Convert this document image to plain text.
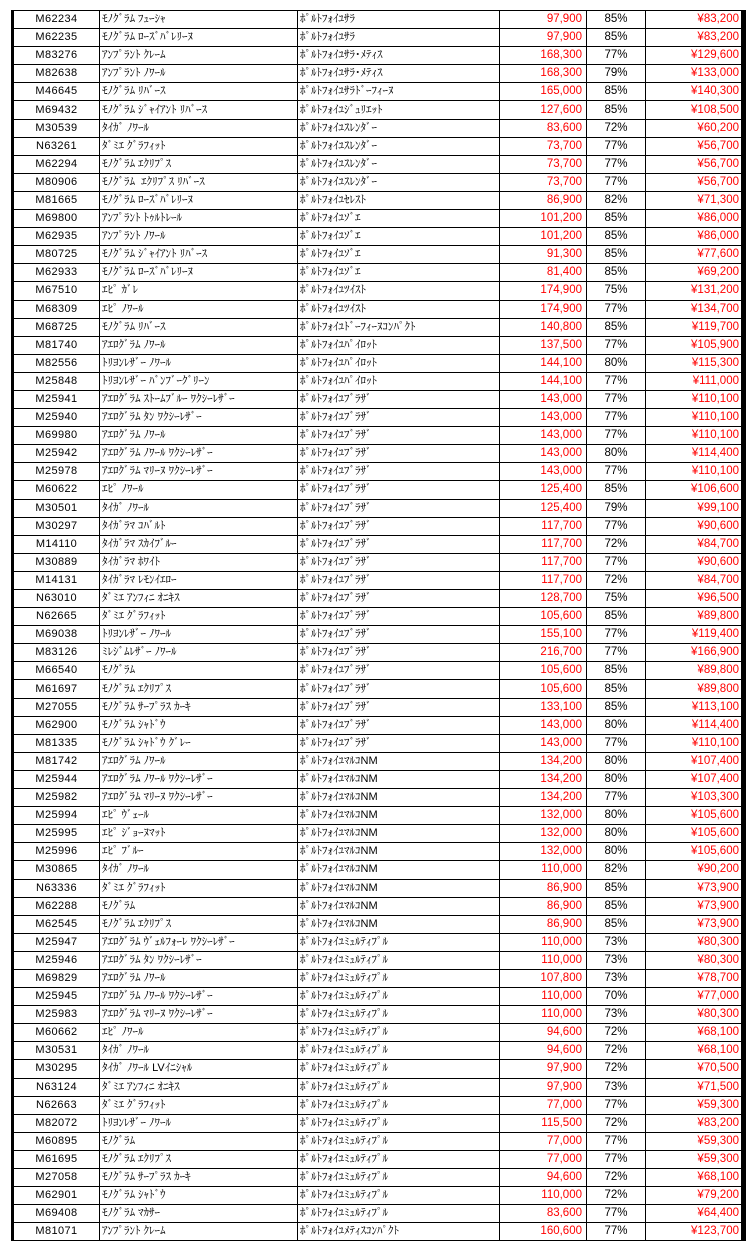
M62234	ﾓﾉｸﾞﾗﾑ ﾌｭｰｼｬ	ﾎﾟﾙﾄﾌｫｲﾕｻﾗ	97,900	85%	¥83,200
M62235	ﾓﾉｸﾞﾗﾑ ﾛｰｽﾞﾊﾞﾚﾘｰﾇ	ﾎﾟﾙﾄﾌｫｲﾕｻﾗ	97,900	85%	¥83,200
M83276	ｱﾝﾌﾟﾗﾝﾄ ｸﾚｰﾑ	ﾎﾟﾙﾄﾌｫｲﾕｻﾗ･ﾒﾃｨｽ	168,300	77%	¥129,600
M82638	ｱﾝﾌﾟﾗﾝﾄ ﾉﾜｰﾙ	ﾎﾟﾙﾄﾌｫｲﾕｻﾗ･ﾒﾃｨｽ	168,300	79%	¥133,000
M46645	ﾓﾉｸﾞﾗﾑ ﾘﾊﾞｰｽ	ﾎﾟﾙﾄﾌｫｲﾕｻﾗﾄﾞｰﾌｨｰﾇ	165,000	85%	¥140,300
M69432	ﾓﾉｸﾞﾗﾑ ｼﾞｬｲｱﾝﾄ ﾘﾊﾞｰｽ	ﾎﾟﾙﾄﾌｫｲﾕｼﾞｭﾘｴｯﾄ	127,600	85%	¥108,500
M30539	ﾀｲｶﾞ ﾉﾜｰﾙ	ﾎﾟﾙﾄﾌｫｲﾕｽﾚﾝﾀﾞｰ	83,600	72%	¥60,200
N63261	ﾀﾞﾐｴ ｸﾞﾗﾌｨｯﾄ	ﾎﾟﾙﾄﾌｫｲﾕｽﾚﾝﾀﾞｰ	73,700	77%	¥56,700
M62294	ﾓﾉｸﾞﾗﾑ ｴｸﾘﾌﾟｽ	ﾎﾟﾙﾄﾌｫｲﾕｽﾚﾝﾀﾞｰ	73,700	77%	¥56,700
M80906	ﾓﾉｸﾞﾗﾑ  ｴｸﾘﾌﾟｽ ﾘﾊﾞｰｽ	ﾎﾟﾙﾄﾌｫｲﾕｽﾚﾝﾀﾞｰ	73,700	77%	¥56,700
M81665	ﾓﾉｸﾞﾗﾑ ﾛｰｽﾞﾊﾞﾚﾘｰﾇ	ﾎﾟﾙﾄﾌｫｲﾕｾﾚｽﾄ	86,900	82%	¥71,300
M69800	ｱﾝﾌﾟﾗﾝﾄ ﾄｩﾙﾄﾚｰﾙ	ﾎﾟﾙﾄﾌｫｲﾕｿﾞｴ	101,200	85%	¥86,000
M62935	ｱﾝﾌﾟﾗﾝﾄ ﾉﾜｰﾙ	ﾎﾟﾙﾄﾌｫｲﾕｿﾞｴ	101,200	85%	¥86,000
M80725	ﾓﾉｸﾞﾗﾑ ｼﾞｬｲｱﾝﾄ ﾘﾊﾞｰｽ	ﾎﾟﾙﾄﾌｫｲﾕｿﾞｴ	91,300	85%	¥77,600
M62933	ﾓﾉｸﾞﾗﾑ ﾛｰｽﾞﾊﾞﾚﾘｰﾇ	ﾎﾟﾙﾄﾌｫｲﾕｿﾞｴ	81,400	85%	¥69,200
M67510	ｴﾋﾟ ｶﾞﾚ	ﾎﾟﾙﾄﾌｫｲﾕﾂｲｽﾄ	174,900	75%	¥131,200
M68309	ｴﾋﾟ ﾉﾜｰﾙ	ﾎﾟﾙﾄﾌｫｲﾕﾂｲｽﾄ	174,900	77%	¥134,700
M68725	ﾓﾉｸﾞﾗﾑ ﾘﾊﾞｰｽ	ﾎﾟﾙﾄﾌｫｲﾕﾄﾞｰﾌｨｰﾇｺﾝﾊﾟｸﾄ	140,800	85%	¥119,700
M81740	ｱｴﾛｸﾞﾗﾑ ﾉﾜｰﾙ	ﾎﾟﾙﾄﾌｫｲﾕﾊﾟｲﾛｯﾄ	137,500	77%	¥105,900
M82556	ﾄﾘﾖﾝﾚｻﾞｰ ﾉﾜｰﾙ	ﾎﾟﾙﾄﾌｫｲﾕﾊﾟｲﾛｯﾄ	144,100	80%	¥115,300
M25848	ﾄﾘﾖﾝﾚｻﾞｰ ﾊﾞﾝﾌﾞｰｸﾞﾘｰﾝ	ﾎﾟﾙﾄﾌｫｲﾕﾊﾟｲﾛｯﾄ	144,100	77%	¥111,000
M25941	ｱｴﾛｸﾞﾗﾑ ｽﾄｰﾑﾌﾞﾙｰ ﾜｸｼｰﾚｻﾞｰ	ﾎﾟﾙﾄﾌｫｲﾕﾌﾞﾗｻﾞ	143,000	77%	¥110,100
M25940	ｱｴﾛｸﾞﾗﾑ ﾀﾝ ﾜｸｼｰﾚｻﾞｰ	ﾎﾟﾙﾄﾌｫｲﾕﾌﾞﾗｻﾞ	143,000	77%	¥110,100
M69980	ｱｴﾛｸﾞﾗﾑ ﾉﾜｰﾙ	ﾎﾟﾙﾄﾌｫｲﾕﾌﾞﾗｻﾞ	143,000	77%	¥110,100
M25942	ｱｴﾛｸﾞﾗﾑ ﾉﾜｰﾙ ﾜｸｼｰﾚｻﾞｰ	ﾎﾟﾙﾄﾌｫｲﾕﾌﾞﾗｻﾞ	143,000	80%	¥114,400
M25978	ｱｴﾛｸﾞﾗﾑ ﾏﾘｰﾇ ﾜｸｼｰﾚｻﾞｰ	ﾎﾟﾙﾄﾌｫｲﾕﾌﾞﾗｻﾞ	143,000	77%	¥110,100
M60622	ｴﾋﾟ ﾉﾜｰﾙ	ﾎﾟﾙﾄﾌｫｲﾕﾌﾞﾗｻﾞ	125,400	85%	¥106,600
M30501	ﾀｲｶﾞ ﾉﾜｰﾙ	ﾎﾟﾙﾄﾌｫｲﾕﾌﾞﾗｻﾞ	125,400	79%	¥99,100
M30297	ﾀｲｶﾞﾗﾏ ｺﾊﾞﾙﾄ	ﾎﾟﾙﾄﾌｫｲﾕﾌﾞﾗｻﾞ	117,700	77%	¥90,600
M14110	ﾀｲｶﾞﾗﾏ ｽｶｲﾌﾞﾙｰ	ﾎﾟﾙﾄﾌｫｲﾕﾌﾞﾗｻﾞ	117,700	72%	¥84,700
M30889	ﾀｲｶﾞﾗﾏ ﾎﾜｲﾄ	ﾎﾟﾙﾄﾌｫｲﾕﾌﾞﾗｻﾞ	117,700	77%	¥90,600
M14131	ﾀｲｶﾞﾗﾏ ﾚﾓﾝｲｴﾛｰ	ﾎﾟﾙﾄﾌｫｲﾕﾌﾞﾗｻﾞ	117,700	72%	¥84,700
N63010	ﾀﾞﾐｴ ｱﾝﾌｨﾆ ｵﾆｷｽ	ﾎﾟﾙﾄﾌｫｲﾕﾌﾞﾗｻﾞ	128,700	75%	¥96,500
N62665	ﾀﾞﾐｴ ｸﾞﾗﾌｨｯﾄ	ﾎﾟﾙﾄﾌｫｲﾕﾌﾞﾗｻﾞ	105,600	85%	¥89,800
M69038	ﾄﾘﾖﾝﾚｻﾞｰ ﾉﾜｰﾙ	ﾎﾟﾙﾄﾌｫｲﾕﾌﾞﾗｻﾞ	155,100	77%	¥119,400
M83126	ﾐﾚｼﾞﾑﾚｻﾞｰ ﾉﾜｰﾙ	ﾎﾟﾙﾄﾌｫｲﾕﾌﾞﾗｻﾞ	216,700	77%	¥166,900
M66540	ﾓﾉｸﾞﾗﾑ	ﾎﾟﾙﾄﾌｫｲﾕﾌﾞﾗｻﾞ	105,600	85%	¥89,800
M61697	ﾓﾉｸﾞﾗﾑ ｴｸﾘﾌﾟｽ	ﾎﾟﾙﾄﾌｫｲﾕﾌﾞﾗｻﾞ	105,600	85%	¥89,800
M27055	ﾓﾉｸﾞﾗﾑ ｻｰﾌﾟﾗｽ ｶｰｷ	ﾎﾟﾙﾄﾌｫｲﾕﾌﾞﾗｻﾞ	133,100	85%	¥113,100
M62900	ﾓﾉｸﾞﾗﾑ ｼｬﾄﾞｳ	ﾎﾟﾙﾄﾌｫｲﾕﾌﾞﾗｻﾞ	143,000	80%	¥114,400
M81335	ﾓﾉｸﾞﾗﾑ ｼｬﾄﾞｳ ｸﾞﾚｰ	ﾎﾟﾙﾄﾌｫｲﾕﾌﾞﾗｻﾞ	143,000	77%	¥110,100
M81742	ｱｴﾛｸﾞﾗﾑ ﾉﾜｰﾙ	ﾎﾟﾙﾄﾌｫｲﾕﾏﾙｺNM	134,200	80%	¥107,400
M25944	ｱｴﾛｸﾞﾗﾑ ﾉﾜｰﾙ ﾜｸｼｰﾚｻﾞｰ	ﾎﾟﾙﾄﾌｫｲﾕﾏﾙｺNM	134,200	80%	¥107,400
M25982	ｱｴﾛｸﾞﾗﾑ ﾏﾘｰﾇ ﾜｸｼｰﾚｻﾞｰ	ﾎﾟﾙﾄﾌｫｲﾕﾏﾙｺNM	134,200	77%	¥103,300
M25994	ｴﾋﾟ ｳﾞｪｰﾙ	ﾎﾟﾙﾄﾌｫｲﾕﾏﾙｺNM	132,000	80%	¥105,600
M25995	ｴﾋﾟ ｼﾞｮｰﾇﾏｯﾄ	ﾎﾟﾙﾄﾌｫｲﾕﾏﾙｺNM	132,000	80%	¥105,600
M25996	ｴﾋﾟ ﾌﾞﾙｰ	ﾎﾟﾙﾄﾌｫｲﾕﾏﾙｺNM	132,000	80%	¥105,600
M30865	ﾀｲｶﾞ ﾉﾜｰﾙ	ﾎﾟﾙﾄﾌｫｲﾕﾏﾙｺNM	110,000	82%	¥90,200
N63336	ﾀﾞﾐｴ ｸﾞﾗﾌｨｯﾄ	ﾎﾟﾙﾄﾌｫｲﾕﾏﾙｺNM	86,900	85%	¥73,900
M62288	ﾓﾉｸﾞﾗﾑ	ﾎﾟﾙﾄﾌｫｲﾕﾏﾙｺNM	86,900	85%	¥73,900
M62545	ﾓﾉｸﾞﾗﾑ ｴｸﾘﾌﾟｽ	ﾎﾟﾙﾄﾌｫｲﾕﾏﾙｺNM	86,900	85%	¥73,900
M25947	ｱｴﾛｸﾞﾗﾑ ｳﾞｪﾙﾌｫｰﾚ ﾜｸｼｰﾚｻﾞｰ	ﾎﾟﾙﾄﾌｫｲﾕﾐｭﾙﾃｨﾌﾟﾙ	110,000	73%	¥80,300
M25946	ｱｴﾛｸﾞﾗﾑ ﾀﾝ ﾜｸｼｰﾚｻﾞｰ	ﾎﾟﾙﾄﾌｫｲﾕﾐｭﾙﾃｨﾌﾟﾙ	110,000	73%	¥80,300
M69829	ｱｴﾛｸﾞﾗﾑ ﾉﾜｰﾙ	ﾎﾟﾙﾄﾌｫｲﾕﾐｭﾙﾃｨﾌﾟﾙ	107,800	73%	¥78,700
M25945	ｱｴﾛｸﾞﾗﾑ ﾉﾜｰﾙ ﾜｸｼｰﾚｻﾞｰ	ﾎﾟﾙﾄﾌｫｲﾕﾐｭﾙﾃｨﾌﾟﾙ	110,000	70%	¥77,000
M25983	ｱｴﾛｸﾞﾗﾑ ﾏﾘｰﾇ ﾜｸｼｰﾚｻﾞｰ	ﾎﾟﾙﾄﾌｫｲﾕﾐｭﾙﾃｨﾌﾟﾙ	110,000	73%	¥80,300
M60662	ｴﾋﾟ ﾉﾜｰﾙ	ﾎﾟﾙﾄﾌｫｲﾕﾐｭﾙﾃｨﾌﾟﾙ	94,600	72%	¥68,100
M30531	ﾀｲｶﾞ ﾉﾜｰﾙ	ﾎﾟﾙﾄﾌｫｲﾕﾐｭﾙﾃｨﾌﾟﾙ	94,600	72%	¥68,100
M30295	ﾀｲｶﾞ ﾉﾜｰﾙ LVｲﾆｼｬﾙ	ﾎﾟﾙﾄﾌｫｲﾕﾐｭﾙﾃｨﾌﾟﾙ	97,900	72%	¥70,500
N63124	ﾀﾞﾐｴ ｱﾝﾌｨﾆ ｵﾆｷｽ	ﾎﾟﾙﾄﾌｫｲﾕﾐｭﾙﾃｨﾌﾟﾙ	97,900	73%	¥71,500
N62663	ﾀﾞﾐｴ ｸﾞﾗﾌｨｯﾄ	ﾎﾟﾙﾄﾌｫｲﾕﾐｭﾙﾃｨﾌﾟﾙ	77,000	77%	¥59,300
M82072	ﾄﾘﾖﾝﾚｻﾞｰ ﾉﾜｰﾙ	ﾎﾟﾙﾄﾌｫｲﾕﾐｭﾙﾃｨﾌﾟﾙ	115,500	72%	¥83,200
M60895	ﾓﾉｸﾞﾗﾑ	ﾎﾟﾙﾄﾌｫｲﾕﾐｭﾙﾃｨﾌﾟﾙ	77,000	77%	¥59,300
M61695	ﾓﾉｸﾞﾗﾑ ｴｸﾘﾌﾟｽ	ﾎﾟﾙﾄﾌｫｲﾕﾐｭﾙﾃｨﾌﾟﾙ	77,000	77%	¥59,300
M27058	ﾓﾉｸﾞﾗﾑ ｻｰﾌﾟﾗｽ ｶｰｷ	ﾎﾟﾙﾄﾌｫｲﾕﾐｭﾙﾃｨﾌﾟﾙ	94,600	72%	¥68,100
M62901	ﾓﾉｸﾞﾗﾑ ｼｬﾄﾞｳ	ﾎﾟﾙﾄﾌｫｲﾕﾐｭﾙﾃｨﾌﾟﾙ	110,000	72%	¥79,200
M69408	ﾓﾉｸﾞﾗﾑ ﾏｶｻｰ	ﾎﾟﾙﾄﾌｫｲﾕﾐｭﾙﾃｨﾌﾟﾙ	83,600	77%	¥64,400
M81071	ｱﾝﾌﾟﾗﾝﾄ ｸﾚｰﾑ	ﾎﾟﾙﾄﾌｫｲﾕﾒﾃｨｽｺﾝﾊﾟｸﾄ	160,600	77%	¥123,700
